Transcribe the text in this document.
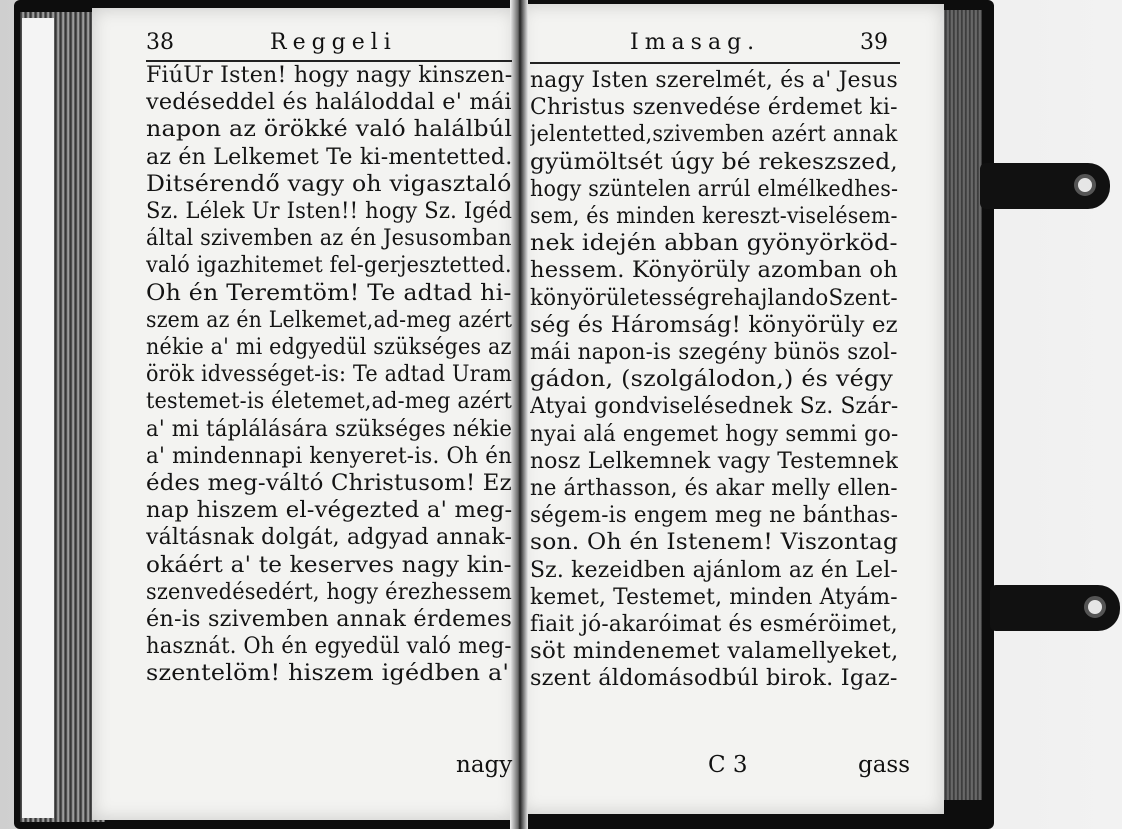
38	Reggeli	Imasag.	39
FiúUr Isten! hogy nagy kinszen-
vedéseddel és haláloddal e' mái
napon az örökké való halálbúl
az én Lelkemet Te ki-mentetted.
Ditsérendő vagy oh vigasztaló
Sz. Lélek Ur Isten!! hogy Sz. Igéd
által szivemben az én Jesusomban
való igazhitemet fel-gerjesztetted.
Oh én Teremtöm! Te adtad hi-
szem az én Lelkemet,ad-meg azért
nékie a' mi edgyedül szükséges az
örök idvességet-is: Te adtad Uram
testemet-is életemet,ad-meg azért
a' mi táplálására szükséges nékie
a' mindennapi kenyeret-is. Oh én
édes meg-váltó Christusom! Ez
nap hiszem el-végezted a' meg-
váltásnak dolgát, adgyad annak-
okáért a' te keserves nagy kin-
szenvedésedért, hogy érezhessem
én-is szivemben annak érdemes
hasznát. Oh én egyedül való meg-
szentelöm! hiszem igédben a'
nagy
nagy Isten szerelmét, és a' Jesus
Christus szenvedése érdemet ki-
jelentetted,szivemben azért annak
gyümöltsét úgy bé rekeszszed,
hogy szüntelen arrúl elmélkedhes-
sem, és minden kereszt-viselésem-
nek idején abban gyönyörköd-
hessem. Könyörüly azomban oh
könyörületességrehajlandoSzent-
ség és Háromság! könyörüly ez
mái napon-is szegény bünös szol-
gádon, (szolgálodon,) és végy
Atyai gondviselésednek Sz. Szár-
nyai alá engemet hogy semmi go-
nosz Lelkemnek vagy Testemnek
ne árthasson, és akar melly ellen-
ségem-is engem meg ne bánthas-
son. Oh én Istenem! Viszontag
Sz. kezeidben ajánlom az én Lel-
kemet, Testemet, minden Atyám-
fiait jó-akaróimat és esméröimet,
söt mindenemet valamellyeket,
szent áldomásodbúl birok. Igaz-
C 3	gass
